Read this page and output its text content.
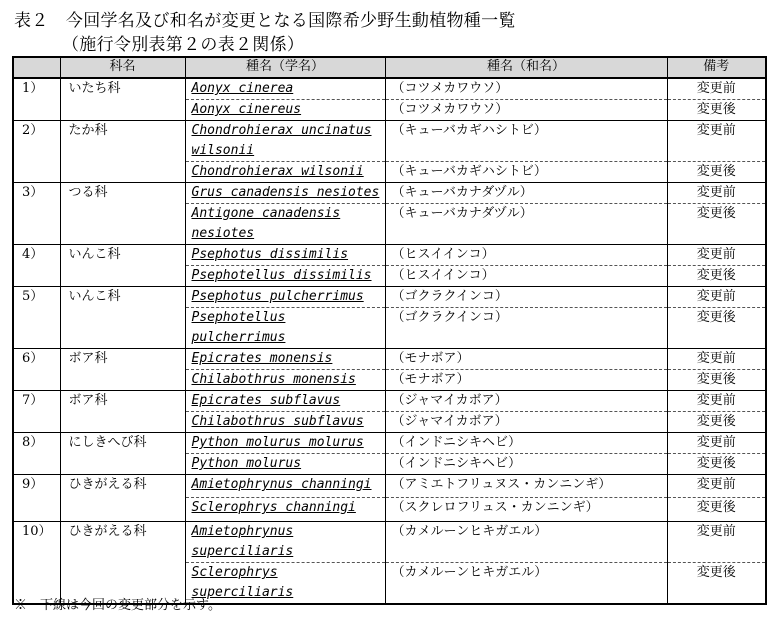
表２　今回学名及び和名が変更となる国際希少野生動植物種一覧
（施行令別表第２の表２関係）
	科名	種名（学名）	種名（和名）	備考
1）	いたち科	Aonyx cinerea	（コツメカワウソ）	変更前
		Aonyx cinereus	（コツメカワウソ）	変更後
2）	たか科	Chondrohierax uncinatus wilsonii	（キューバカギハシトビ）	変更前
		Chondrohierax wilsonii	（キューバカギハシトビ）	変更後
3）	つる科	Grus canadensis nesiotes	（キューバカナダヅル）	変更前
		Antigone canadensis nesiotes	（キューバカナダヅル）	変更後
4）	いんこ科	Psephotus dissimilis	（ヒスイインコ）	変更前
		Psephotellus dissimilis	（ヒスイインコ）	変更後
5）	いんこ科	Psephotus pulcherrimus	（ゴクラクインコ）	変更前
		Psephotellus pulcherrimus	（ゴクラクインコ）	変更後
6）	ボア科	Epicrates monensis	（モナボア）	変更前
		Chilabothrus monensis	（モナボア）	変更後
7）	ボア科	Epicrates subflavus	（ジャマイカボア）	変更前
		Chilabothrus subflavus	（ジャマイカボア）	変更後
8）	にしきへび科	Python molurus molurus	（インドニシキヘビ）	変更前
		Python molurus	（インドニシキヘビ）	変更後
9）	ひきがえる科	Amietophrynus channingi	（アミエトフリュヌス・カンニンギ）	変更前
		Sclerophrys channingi	（スクレロフリュス・カンニンギ）	変更後
10）	ひきがえる科	Amietophrynus superciliaris	（カメルーンヒキガエル）	変更前
		Sclerophrys superciliaris	（カメルーンヒキガエル）	変更後
※　下線は今回の変更部分を示す。
